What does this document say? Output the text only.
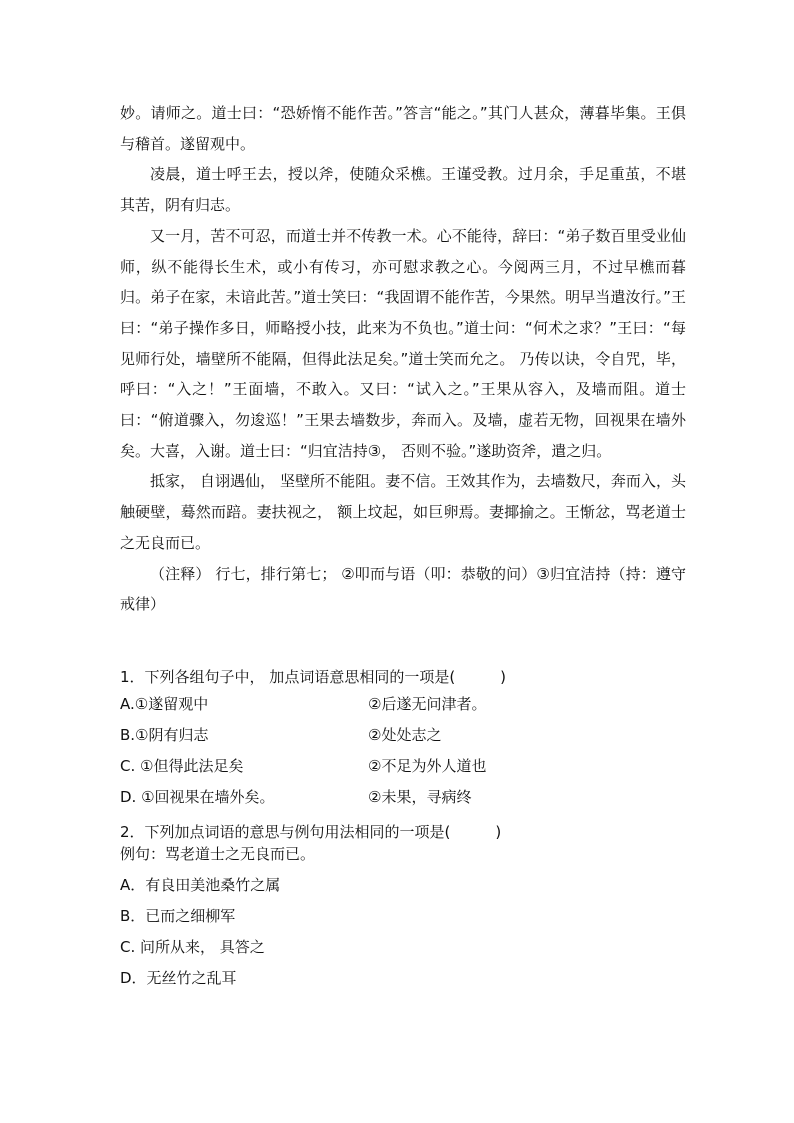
妙。请师之。道士曰：“恐娇惰不能作苦。”答言“能之。”其门人甚众，薄暮毕集。王俱与稽首。遂留观中。

凌晨，道士呼王去，授以斧，使随众采樵。王谨受教。过月余，手足重茧，不堪其苦，阴有归志。

又一月，苦不可忍，而道士并不传教一术。心不能待，辞曰：“弟子数百里受业仙师，纵不能得长生术，或小有传习，亦可慰求教之心。今阅两三月，不过早樵而暮归。弟子在家，未谙此苦。”道士笑曰：“我固谓不能作苦，今果然。明早当遣汝行。”王曰：“弟子操作多日，师略授小技，此来为不负也。”道士问：“何术之求？”王曰：“每见师行处，墙壁所不能隔，但得此法足矣。”道士笑而允之。 乃传以诀，令自咒，毕，呼曰：“入之！”王面墙，不敢入。又曰：“试入之。”王果从容入，及墙而阻。道士曰：“俯道骤入，勿逡巡！”王果去墙数步，奔而入。及墙，虚若无物，回视果在墙外矣。大喜，入谢。道士曰：“归宜洁持③， 否则不验。”遂助资斧，遣之归。

抵家， 自诩遇仙， 坚壁所不能阻。妻不信。王效其作为，去墙数尺，奔而入，头触硬壁，蓦然而踣。妻扶视之， 额上坟起，如巨卵焉。妻揶揄之。王惭忿，骂老道士之无良而已。

（注释） 行七，排行第七； ②叩而与语（叩：恭敬的问）③归宜洁持（持：遵守戒律）

1．下列各组句子中， 加点词语意思相同的一项是(　　　)
A.①遂留观中	②后遂无问津者。
B.①阴有归志	②处处志之
C. ①但得此法足矣	②不足为外人道也
D. ①回视果在墙外矣。	②未果，寻病终
2．下列加点词语的意思与例句用法相同的一项是(　　　)
例句：骂老道士之无良而已。
A．有良田美池桑竹之属
B．已而之细柳军
C. 问所从来， 具答之
D．无丝竹之乱耳
